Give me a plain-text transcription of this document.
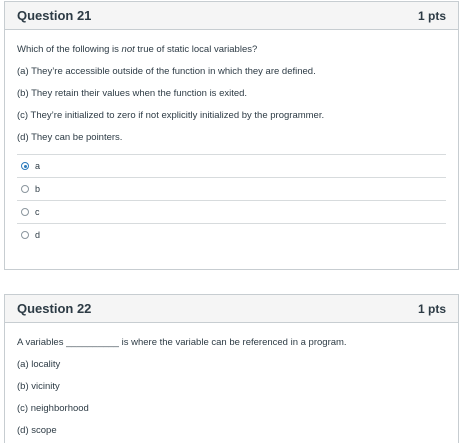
Question 21	1 pts

Which of the following is not true of static local variables?

(a) They’re accessible outside of the function in which they are defined.

(b) They retain their values when the function is exited.

(c) They’re initialized to zero if not explicitly initialized by the programmer.

(d) They can be pointers.

a
b
c
d
Question 22	1 pts

A variables __________ is where the variable can be referenced in a program.

(a) locality

(b) vicinity

(c) neighborhood

(d) scope
